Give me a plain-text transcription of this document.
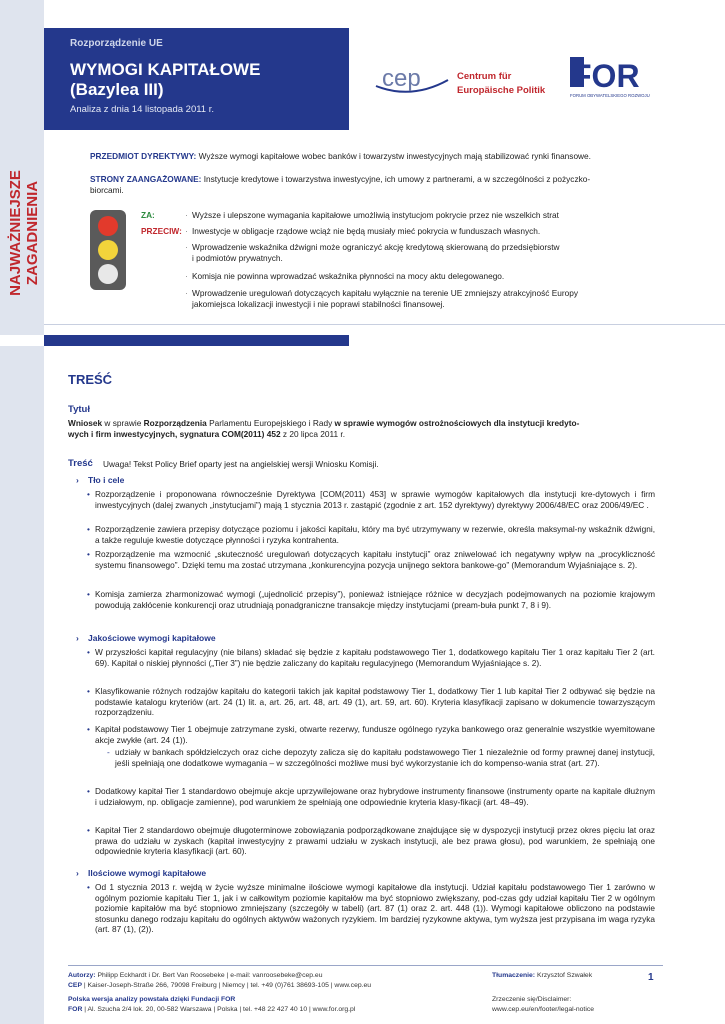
Rozporządzenie UE
WYMOGI KAPITAŁOWE
(Bazylea III)
Analiza z dnia 14 listopada 2011 r.
cep	Centrum für
Europäische Politik FOR
FORUM OBYWATELSKIEGO ROZWOJU
NAJWAŻNIEJSZE ZAGADNIENIA
PRZEDMIOT DYREKTYWY: Wyższe wymogi kapitałowe wobec banków i towarzystw inwestycyjnych mają stabilizować rynki finansowe.
STRONY ZAANGAŻOWANE: Instytucje kredytowe i towarzystwa inwestycyjne, ich umowy z partnerami, a w szczególności z pożyczko-
biorcami.
ZA:
PRZECIW:
· Wyższe i ulepszone wymagania kapitałowe umożliwią instytucjom pokrycie przez nie wszelkich strat
· Inwestycje w obligacje rządowe wciąż nie będą musiały mieć pokrycia w funduszach własnych.
· Wprowadzenie wskaźnika dźwigni może ograniczyć akcję kredytową skierowaną do przedsiębiorstw
i podmiotów prywatnych.
· Komisja nie powinna wprowadzać wskaźnika płynności na mocy aktu delegowanego.
· Wprowadzenie uregulowań dotyczących kapitału wyłącznie na terenie UE zmniejszy atrakcyjność Europy
jakomiejsca lokalizacji inwestycji i nie poprawi stabilności finansowej.
TREŚĆ
Tytuł
Wniosek w sprawie Rozporządzenia Parlamentu Europejskiego i Rady w sprawie wymogów ostrożnościowych dla instytucji kredyto-
wych i firm inwestycyjnych, sygnatura COM(2011) 452 z 20 lipca 2011 r.
Treść Uwaga! Tekst Policy Brief oparty jest na angielskiej wersji Wniosku Komisji.
› Tło i cele
• Rozporządzenie i proponowana równocześnie Dyrektywa [COM(2011) 453] w sprawie wymogów kapitałowych dla instytucji kre-dytowych i firm inwestycyjnych (dalej zwanych „instytucjami”) mają 1 stycznia 2013 r. zastąpić (zgodnie z art. 152 dyrektywy) dyrektywy 2006/48/EC oraz 2006/49/EC .
• Rozporządzenie zawiera przepisy dotyczące poziomu i jakości kapitału, który ma być utrzymywany w rezerwie, określa maksymal-ny wskaźnik dźwigni, a także reguluje kwestie dotyczące płynności i ryzyka kontrahenta.
• Rozporządzenie ma wzmocnić „skuteczność uregulowań dotyczących kapitału instytucji” oraz zniwelować ich negatywny wpływ na „procykliczność systemu finansowego”. Dzięki temu ma zostać utrzymana „konkurencyjna pozycja unijnego sektora bankowe-go” (Memorandum Wyjaśniające s. 2).
• Komisja zamierza zharmonizować wymogi („ujednolicić przepisy”), ponieważ istniejące różnice w decyzjach podejmowanych na poziomie krajowym powodują zakłócenie konkurencji oraz utrudniają ponadgraniczne transakcje między instytucjami (pream-buła punkt 7, 8 i 9).
› Jakościowe wymogi kapitałowe
• W przyszłości kapitał regulacyjny (nie bilans) składać się będzie z kapitału podstawowego Tier 1, dodatkowego kapitału Tier 1 oraz kapitału Tier 2 (art. 69). Kapitał o niskiej płynności („Tier 3”) nie będzie zaliczany do kapitału regulacyjnego (Memorandum Wyjaśniające s. 2).
• Klasyfikowanie różnych rodzajów kapitału do kategorii takich jak kapitał podstawowy Tier 1, dodatkowy Tier 1 lub kapitał Tier 2 odbywać się będzie na podstawie katalogu kryteriów (art. 24 (1) lit. a, art. 26, art. 48, art. 49 (1), art. 59, art. 60). Kryteria klasyfikacji zapisano w dokumencie towarzyszącym rozporządzeniu.
• Kapitał podstawowy Tier 1 obejmuje zatrzymane zyski, otwarte rezerwy, fundusze ogólnego ryzyka bankowego oraz generalnie wszystkie wyemitowane akcje zwykłe (art. 24 (1)).
- udziały w bankach spółdzielczych oraz ciche depozyty zalicza się do kapitału podstawowego Tier 1 niezależnie od formy prawnej danej instytucji, jeśli spełniają one dodatkowe wymagania – w szczególności możliwe musi być wykorzystanie ich do kompenso-wania strat (art. 27).
• Dodatkowy kapitał Tier 1 standardowo obejmuje akcje uprzywilejowane oraz hybrydowe instrumenty finansowe (instrumenty oparte na kapitale dłużnym i udziałowym, np. obligacje zamienne), pod warunkiem że spełniają one odpowiednie kryteria klasy-fikacji (art. 48–49).
• Kapitał Tier 2 standardowo obejmuje długoterminowe zobowiązania podporządkowane znajdujące się w dyspozycji instytucji przez okres pięciu lat oraz prawa do udziału w zyskach (kapitał inwestycyjny z prawami udziału w zyskach instytucji, ale bez prawa głosu), pod warunkiem, że spełniają one odpowiednie kryteria klasyfikacji (art. 60).
› Ilościowe wymogi kapitałowe
• Od 1 stycznia 2013 r. wejdą w życie wyższe minimalne ilościowe wymogi kapitałowe dla instytucji. Udział kapitału podstawowego Tier 1 zarówno w ogólnym poziomie kapitału Tier 1, jak i w całkowitym poziomie kapitałów ma być stopniowo zwiększany, pod-czas gdy udział kapitału Tier 2 w ogólnym poziomie kapitałów ma być stopniowo zmniejszany (szczegóły w tabeli) (art. 87 (1) oraz 2. art. 448 (1)). Wymogi kapitałowe obliczono na podstawie stosunku danego rodzaju kapitału do ogólnych aktywów ważonych ryzykiem. Im bardziej ryzykowne aktywa, tym wyższa jest przypisana im waga ryzyka (art. 87 (1), (2)).
Autorzy: Philipp Eckhardt i Dr. Bert Van Roosebeke | e-mail: vanroosebeke@cep.eu
CEP | Kaiser-Joseph-Straße 266, 79098 Freiburg | Niemcy | tel. +49 (0)761 38693-105 | www.cep.eu
Polska wersja analizy powstała dzięki Fundacji FOR
FOR | Al. Szucha 2/4 lok. 20, 00-582 Warszawa | Polska | tel. +48 22 427 40 10 | www.for.org.pl
Tłumaczenie: Krzysztof Szwałek
Zrzeczenie się/Disclaimer:
www.cep.eu/en/footer/legal-notice
1
